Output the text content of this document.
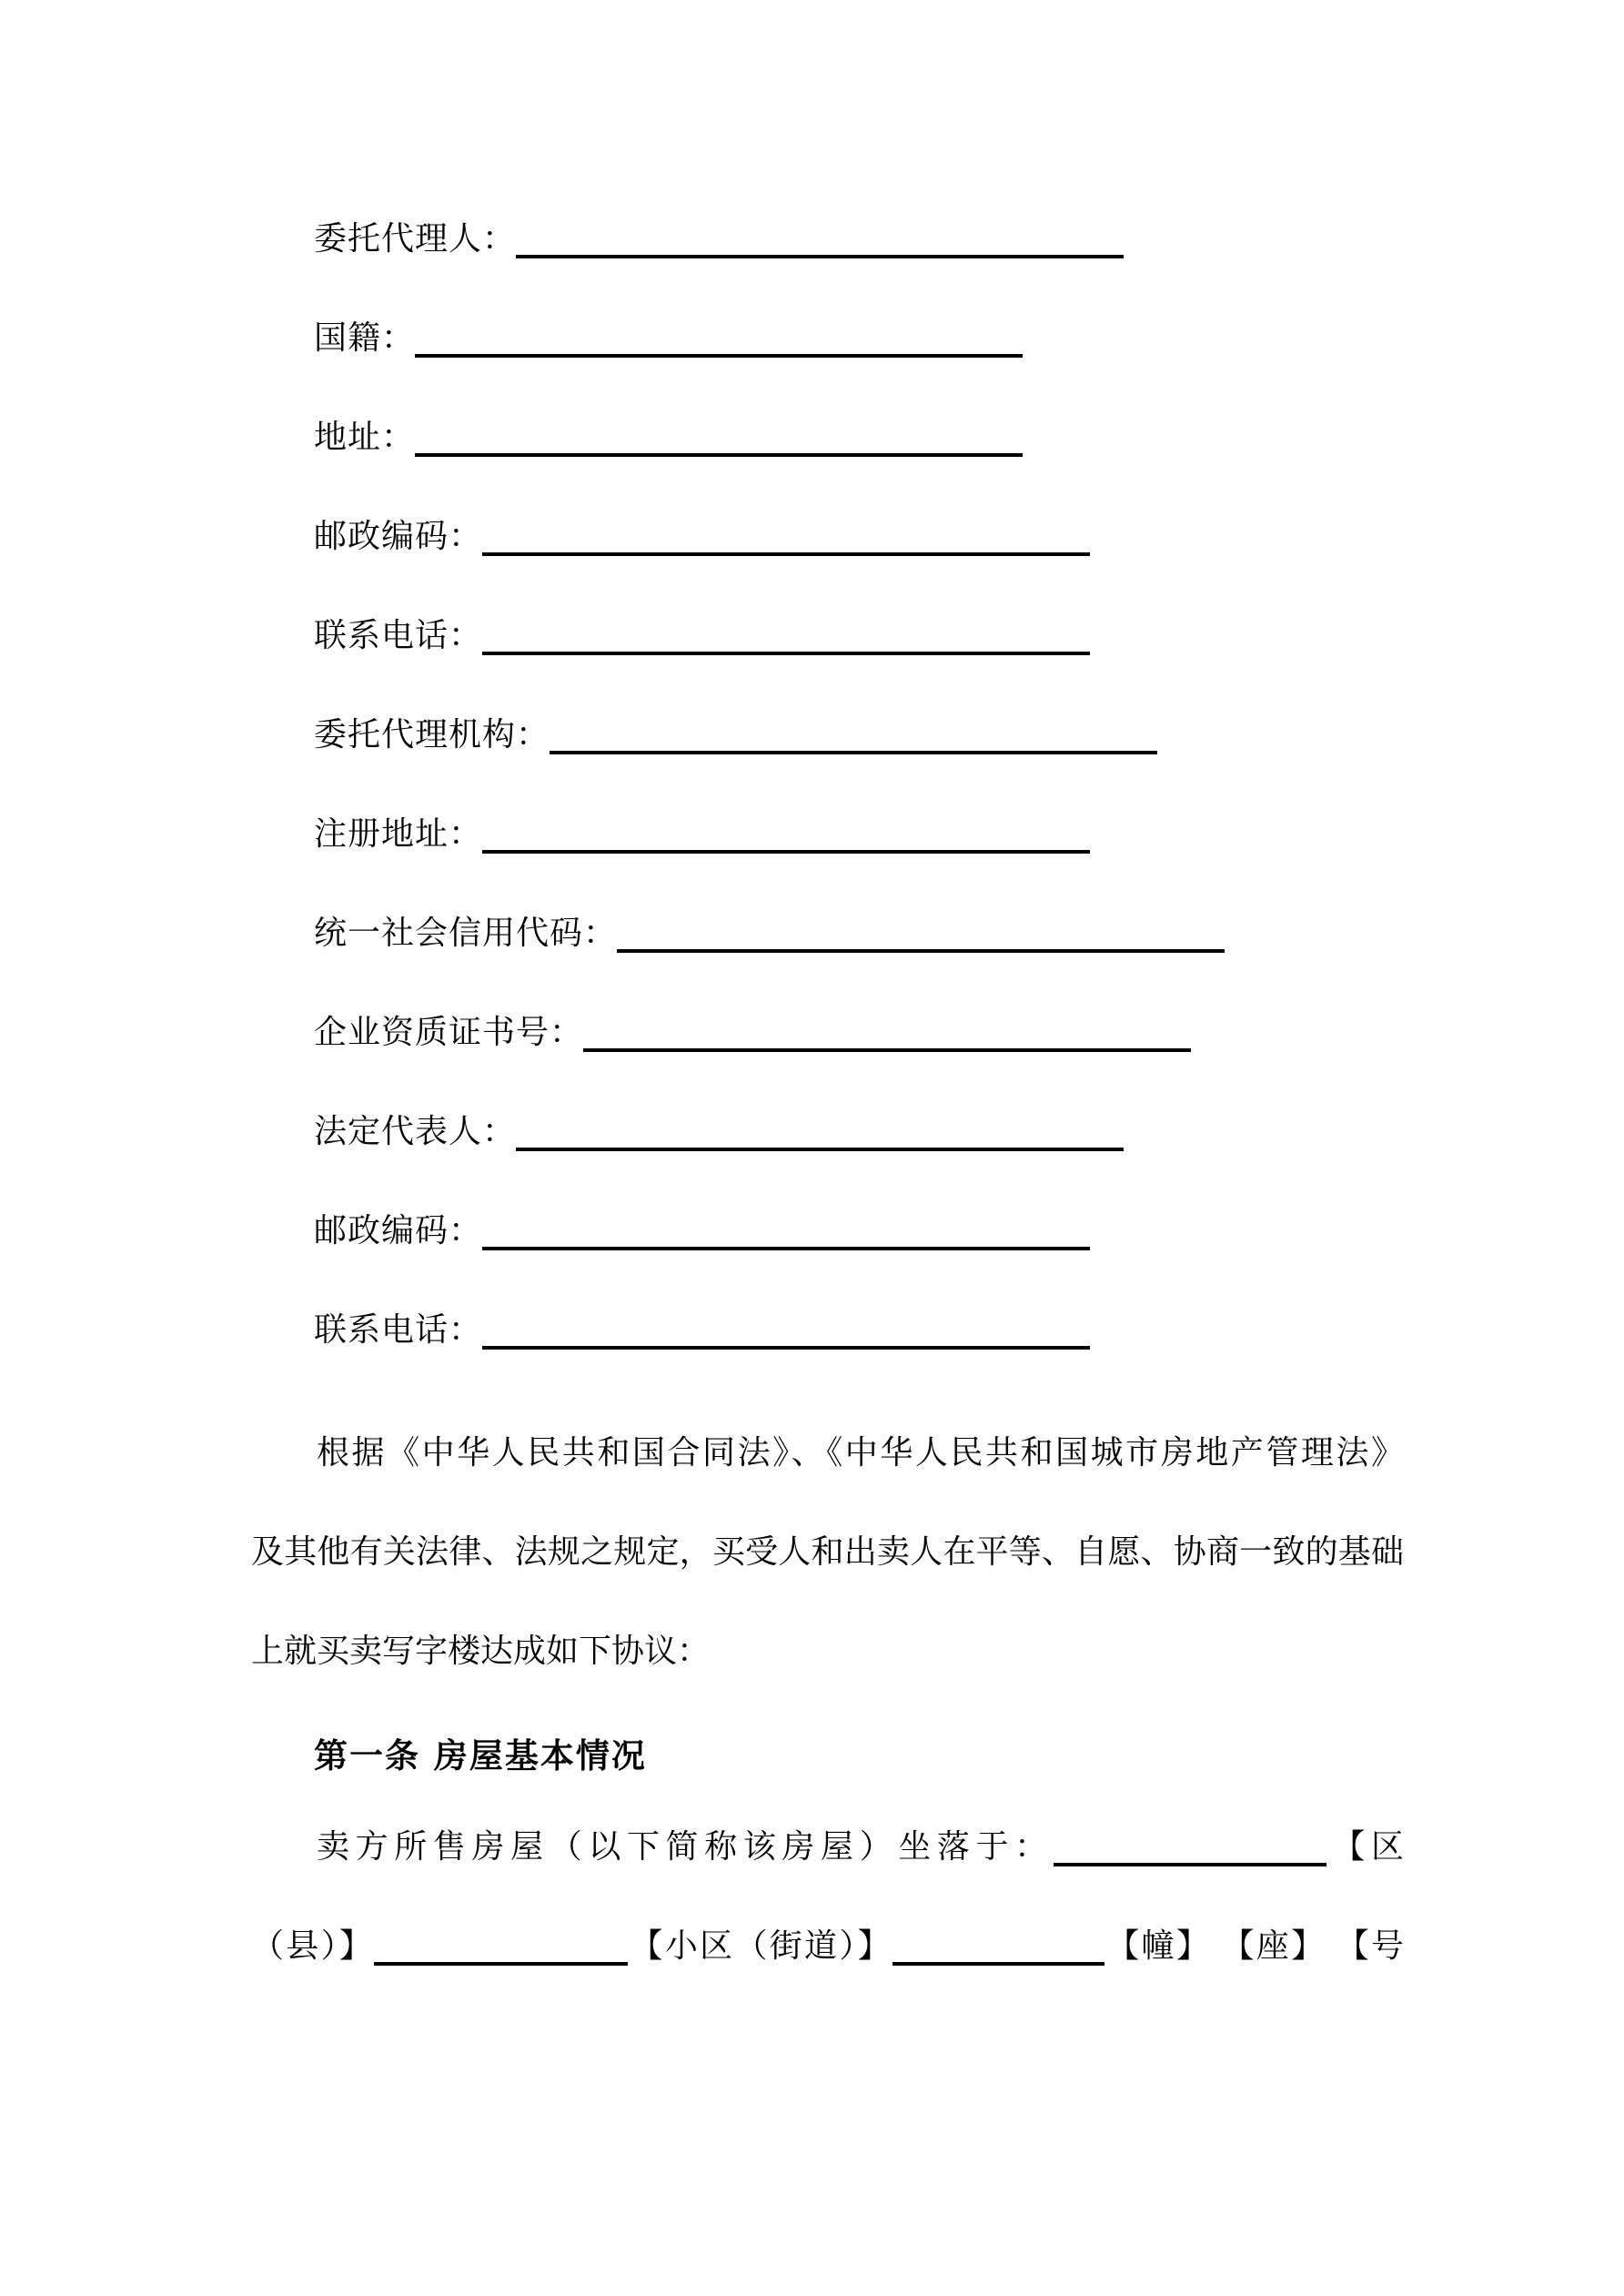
委托代理人：
国籍：
地址：
邮政编码：
联系电话：
委托代理机构：
注册地址：
统一社会信用代码：
企业资质证书号：
法定代表人：
邮政编码：
联系电话：
根据《中华人民共和国合同法》、《中华人民共和国城市房地产管理法》
及其他有关法律、法规之规定，买受人和出卖人在平等、自愿、协商一致的基础
上就买卖写字楼达成如下协议：
第一条 房屋基本情况
卖方所售房屋（以下简称该房屋）坐落于：	【区
（县）】	【小区（街道）】	【幢】 【座】 【号
